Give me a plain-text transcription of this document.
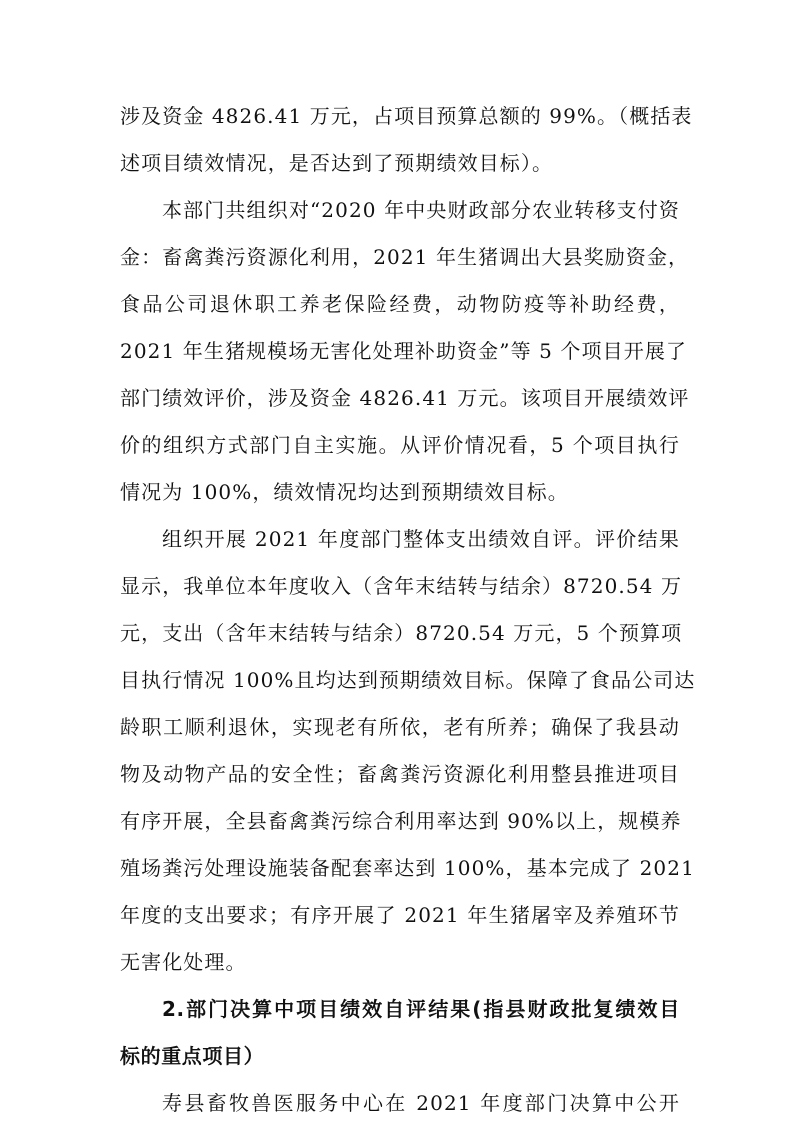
涉及资金 4826.41 万元，占项目预算总额的 99%。（概括表
述项目绩效情况，是否达到了预期绩效目标）。
本部门共组织对“2020 年中央财政部分农业转移支付资
金：畜禽粪污资源化利用，2021 年生猪调出大县奖励资金，
食品公司退休职工养老保险经费，动物防疫等补助经费，
2021 年生猪规模场无害化处理补助资金”等 5 个项目开展了
部门绩效评价，涉及资金 4826.41 万元。该项目开展绩效评
价的组织方式部门自主实施。从评价情况看，5 个项目执行
情况为 100%，绩效情况均达到预期绩效目标。
组织开展 2021 年度部门整体支出绩效自评。评价结果
显示，我单位本年度收入（含年末结转与结余）8720.54 万
元，支出（含年末结转与结余）8720.54 万元，5 个预算项
目执行情况 100%且均达到预期绩效目标。保障了食品公司达
龄职工顺利退休，实现老有所依，老有所养；确保了我县动
物及动物产品的安全性；畜禽粪污资源化利用整县推进项目
有序开展，全县畜禽粪污综合利用率达到 90%以上，规模养
殖场粪污处理设施装备配套率达到 100%，基本完成了 2021
年度的支出要求；有序开展了 2021 年生猪屠宰及养殖环节
无害化处理。
2.部门决算中项目绩效自评结果(指县财政批复绩效目
标的重点项目）
寿县畜牧兽医服务中心在 2021 年度部门决算中公开
